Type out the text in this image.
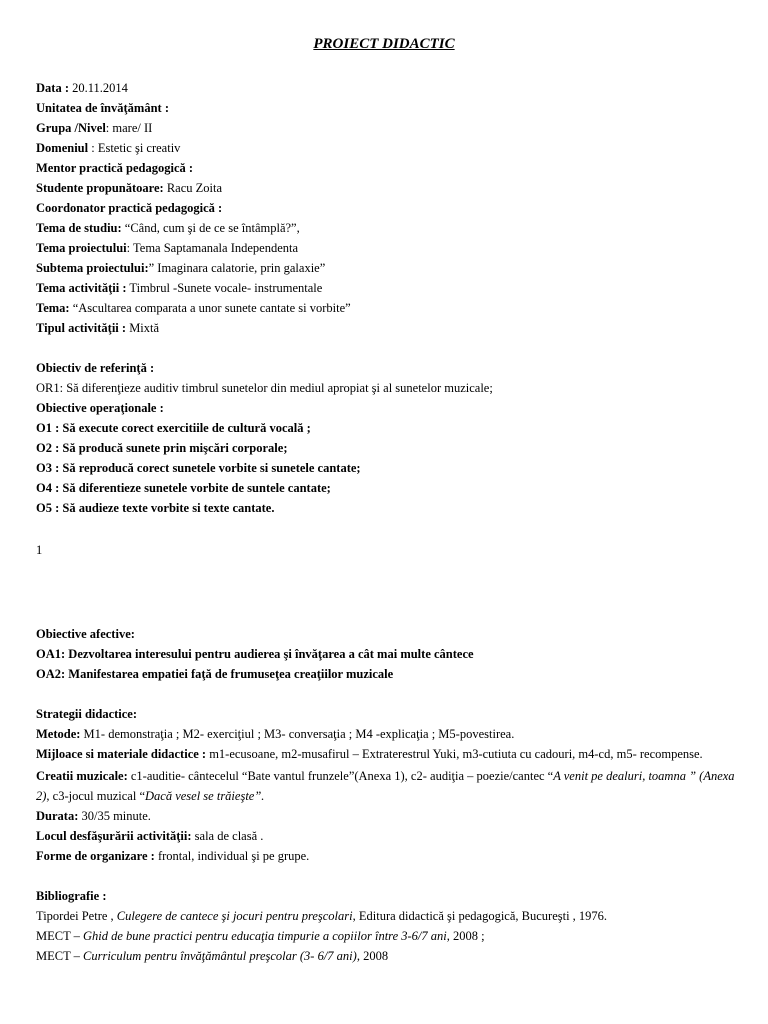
PROIECT DIDACTIC
Data : 20.11.2014
Unitatea de învăţământ :
Grupa /Nivel: mare/ II
Domeniul : Estetic şi creativ
Mentor practică pedagogică :
Studente propunătoare: Racu Zoita
Coordonator practică pedagogică :
Tema de studiu: “Când, cum şi de ce se întâmplă?”,
Tema proiectului: Tema Saptamanala Independenta
Subtema proiectului:” Imaginara calatorie, prin galaxie”
Tema activităţii : Timbrul -Sunete vocale- instrumentale
Tema: “Ascultarea comparata a unor sunete cantate si vorbite”
Tipul activităţii : Mixtă
Obiectiv de referinţă :
OR1: Să diferenţieze auditiv timbrul sunetelor din mediul apropiat şi al sunetelor muzicale;
Obiective operaţionale :
O1 : Să execute corect exercitiile de cultură vocală ;
O2 : Să producă sunete prin mişcări corporale;
O3 : Să reproducă corect sunetele vorbite si sunetele cantate;
O4 : Să diferentieze sunetele vorbite de suntele cantate;
O5 : Să audieze texte vorbite si texte cantate.
1
Obiective afective:
OA1: Dezvoltarea interesului pentru audierea şi învăţarea a cât mai multe cântece
OA2: Manifestarea empatiei faţă de frumuseţea creaţiilor muzicale
Strategii didactice:
Metode: M1- demonstraţia ; M2- exerciţiul ; M3- conversaţia ; M4 -explicaţia ; M5-povestirea.
Mijloace si materiale didactice : m1-ecusoane, m2-musafirul – Extraterestrul Yuki, m3-cutiuta cu cadouri, m4-cd, m5- recompense.
Creatii muzicale: c1-auditie- cântecelul “Bate vantul frunzele”(Anexa 1), c2- audiţia – poezie/cantec “A venit pe dealuri, toamna ” (Anexa 2), c3-jocul muzical “Dacă vesel se trăieşte”.
Durata: 30/35 minute.
Locul desfăşurării activităţii: sala de clasă .
Forme de organizare : frontal, individual şi pe grupe.
Bibliografie :
Tipordei Petre , Culegere de cantece şi jocuri pentru preşcolari, Editura didactică şi pedagogică, Bucureşti , 1976.
MECT – Ghid de bune practici pentru educaţia timpurie a copiilor între 3-6/7 ani, 2008 ;
MECT – Curriculum pentru învăţământul preşcolar (3- 6/7 ani), 2008
